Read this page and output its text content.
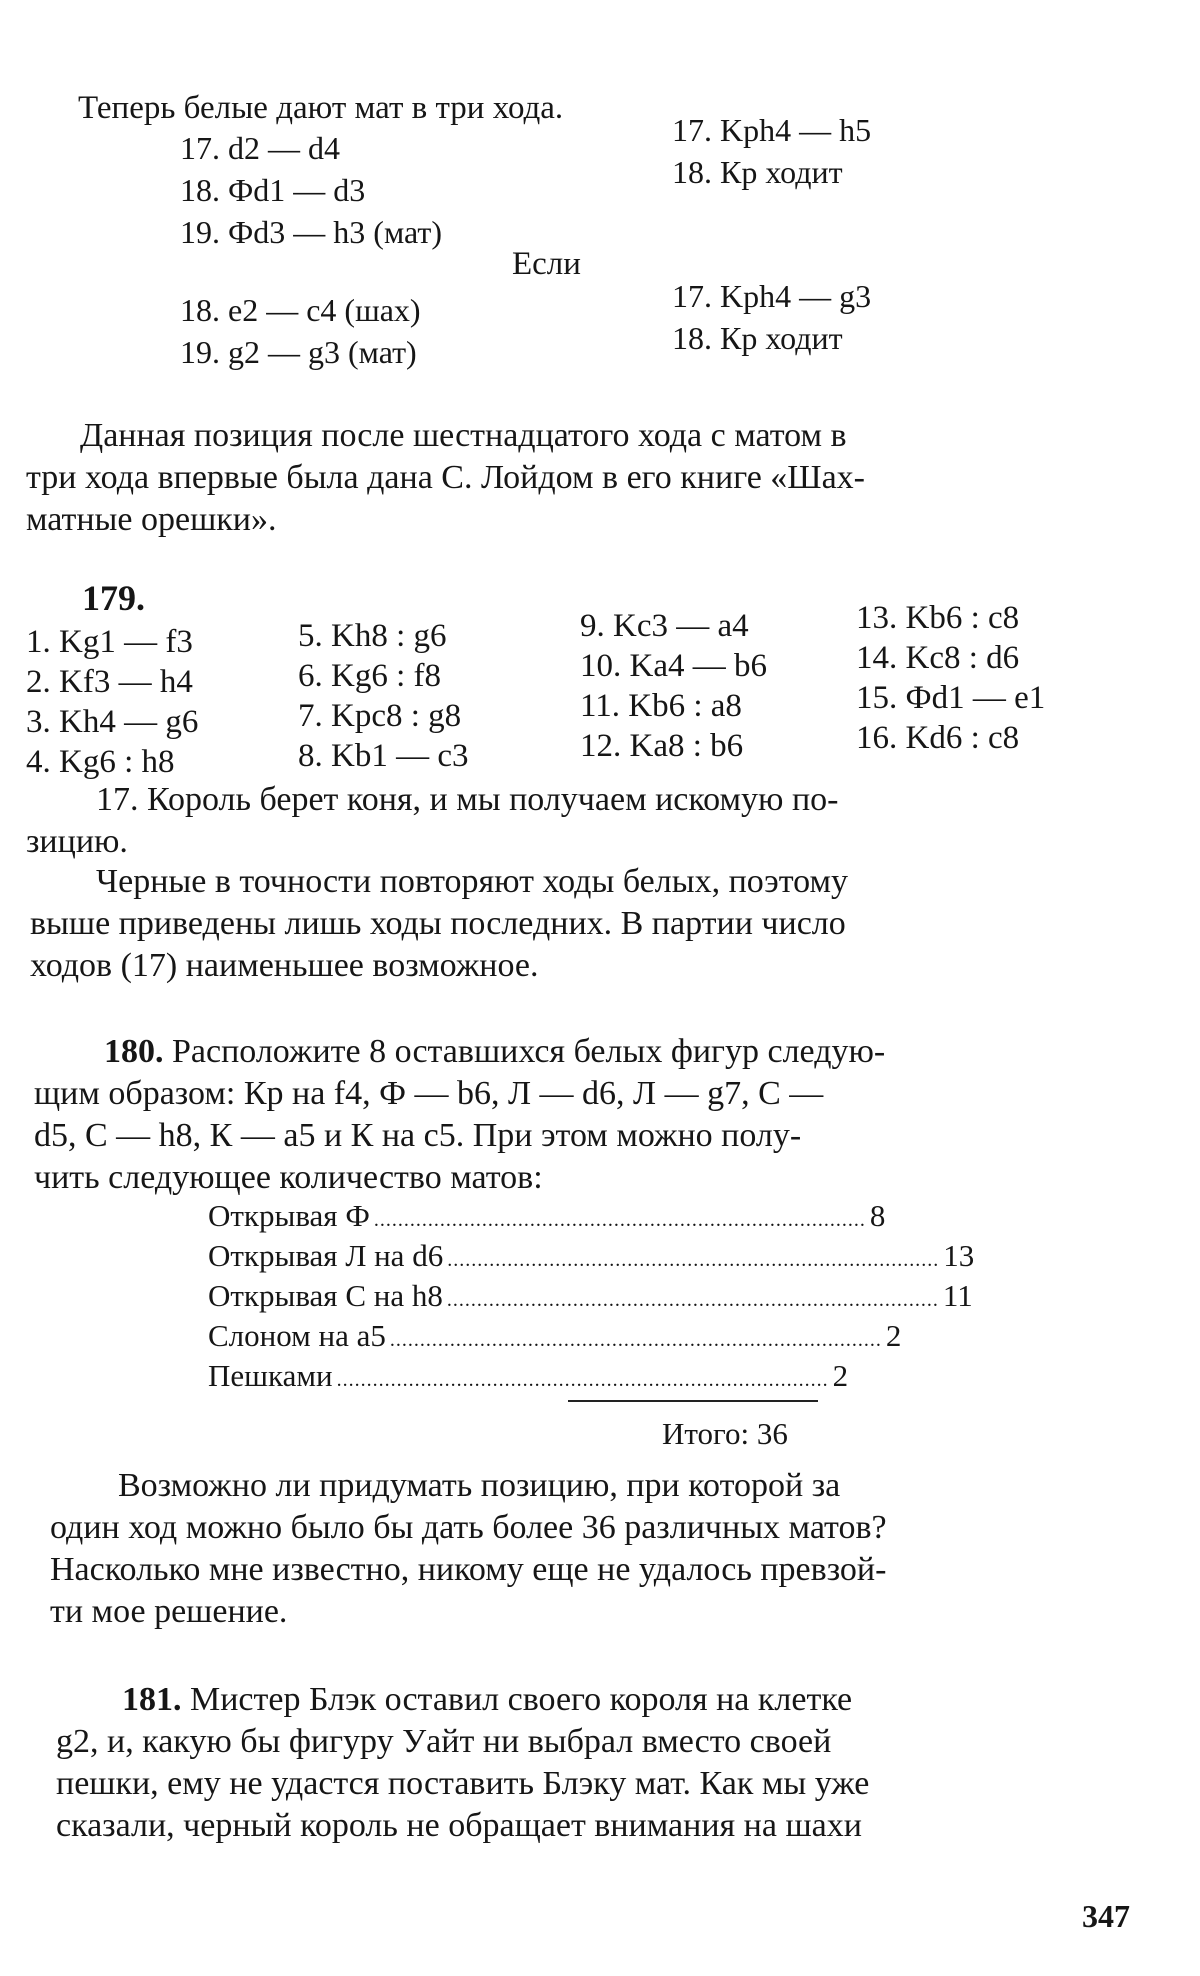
Теперь белые дают мат в три хода.
17. d2 — d4
18. Фd1 — d3
19. Фd3 — h3 (мат)
17. Kph4 — h5
18. Кр ходит
Если
18. e2 — c4 (шах)
19. g2 — g3 (мат)
17. Kph4 — g3
18. Кр ходит
Данная позиция после шестнадцатого хода с матом в
три хода впервые была дана С. Лойдом в его книге «Шах-
матные орешки».
179.
1. Kg1 — f3
2. Kf3 — h4
3. Kh4 — g6
4. Kg6 : h8
5. Kh8 : g6
6. Kg6 : f8
7. Kpc8 : g8
8. Kb1 — c3
9. Kc3 — a4
10. Ka4 — b6
11. Kb6 : a8
12. Ka8 : b6
13. Kb6 : c8
14. Kc8 : d6
15. Фd1 — e1
16. Kd6 : c8
17. Король берет коня, и мы получаем искомую по-
зицию.
Черные в точности повторяют ходы белых, поэтому
выше приведены лишь ходы последних. В партии число
ходов (17) наименьшее возможное.
180. Расположите 8 оставшихся белых фигур следую-
щим образом: Кр на f4, Ф — b6, Л — d6, Л — g7, С —
d5, С — h8, К — a5 и К на c5. При этом можно полу-
чить следующее количество матов:
Открывая Ф .................................................................................. 8
Открывая Л на d6 .................................................................................. 13
Открывая С на h8 .................................................................................. 11
Слоном на a5 .................................................................................. 2
Пешками .................................................................................. 2
Итого: 36
Возможно ли придумать позицию, при которой за
один ход можно было бы дать более 36 различных матов?
Насколько мне известно, никому еще не удалось превзой-
ти мое решение.
181. Мистер Блэк оставил своего короля на клетке
g2, и, какую бы фигуру Уайт ни выбрал вместо своей
пешки, ему не удастся поставить Блэку мат. Как мы уже
сказали, черный король не обращает внимания на шахи
347
